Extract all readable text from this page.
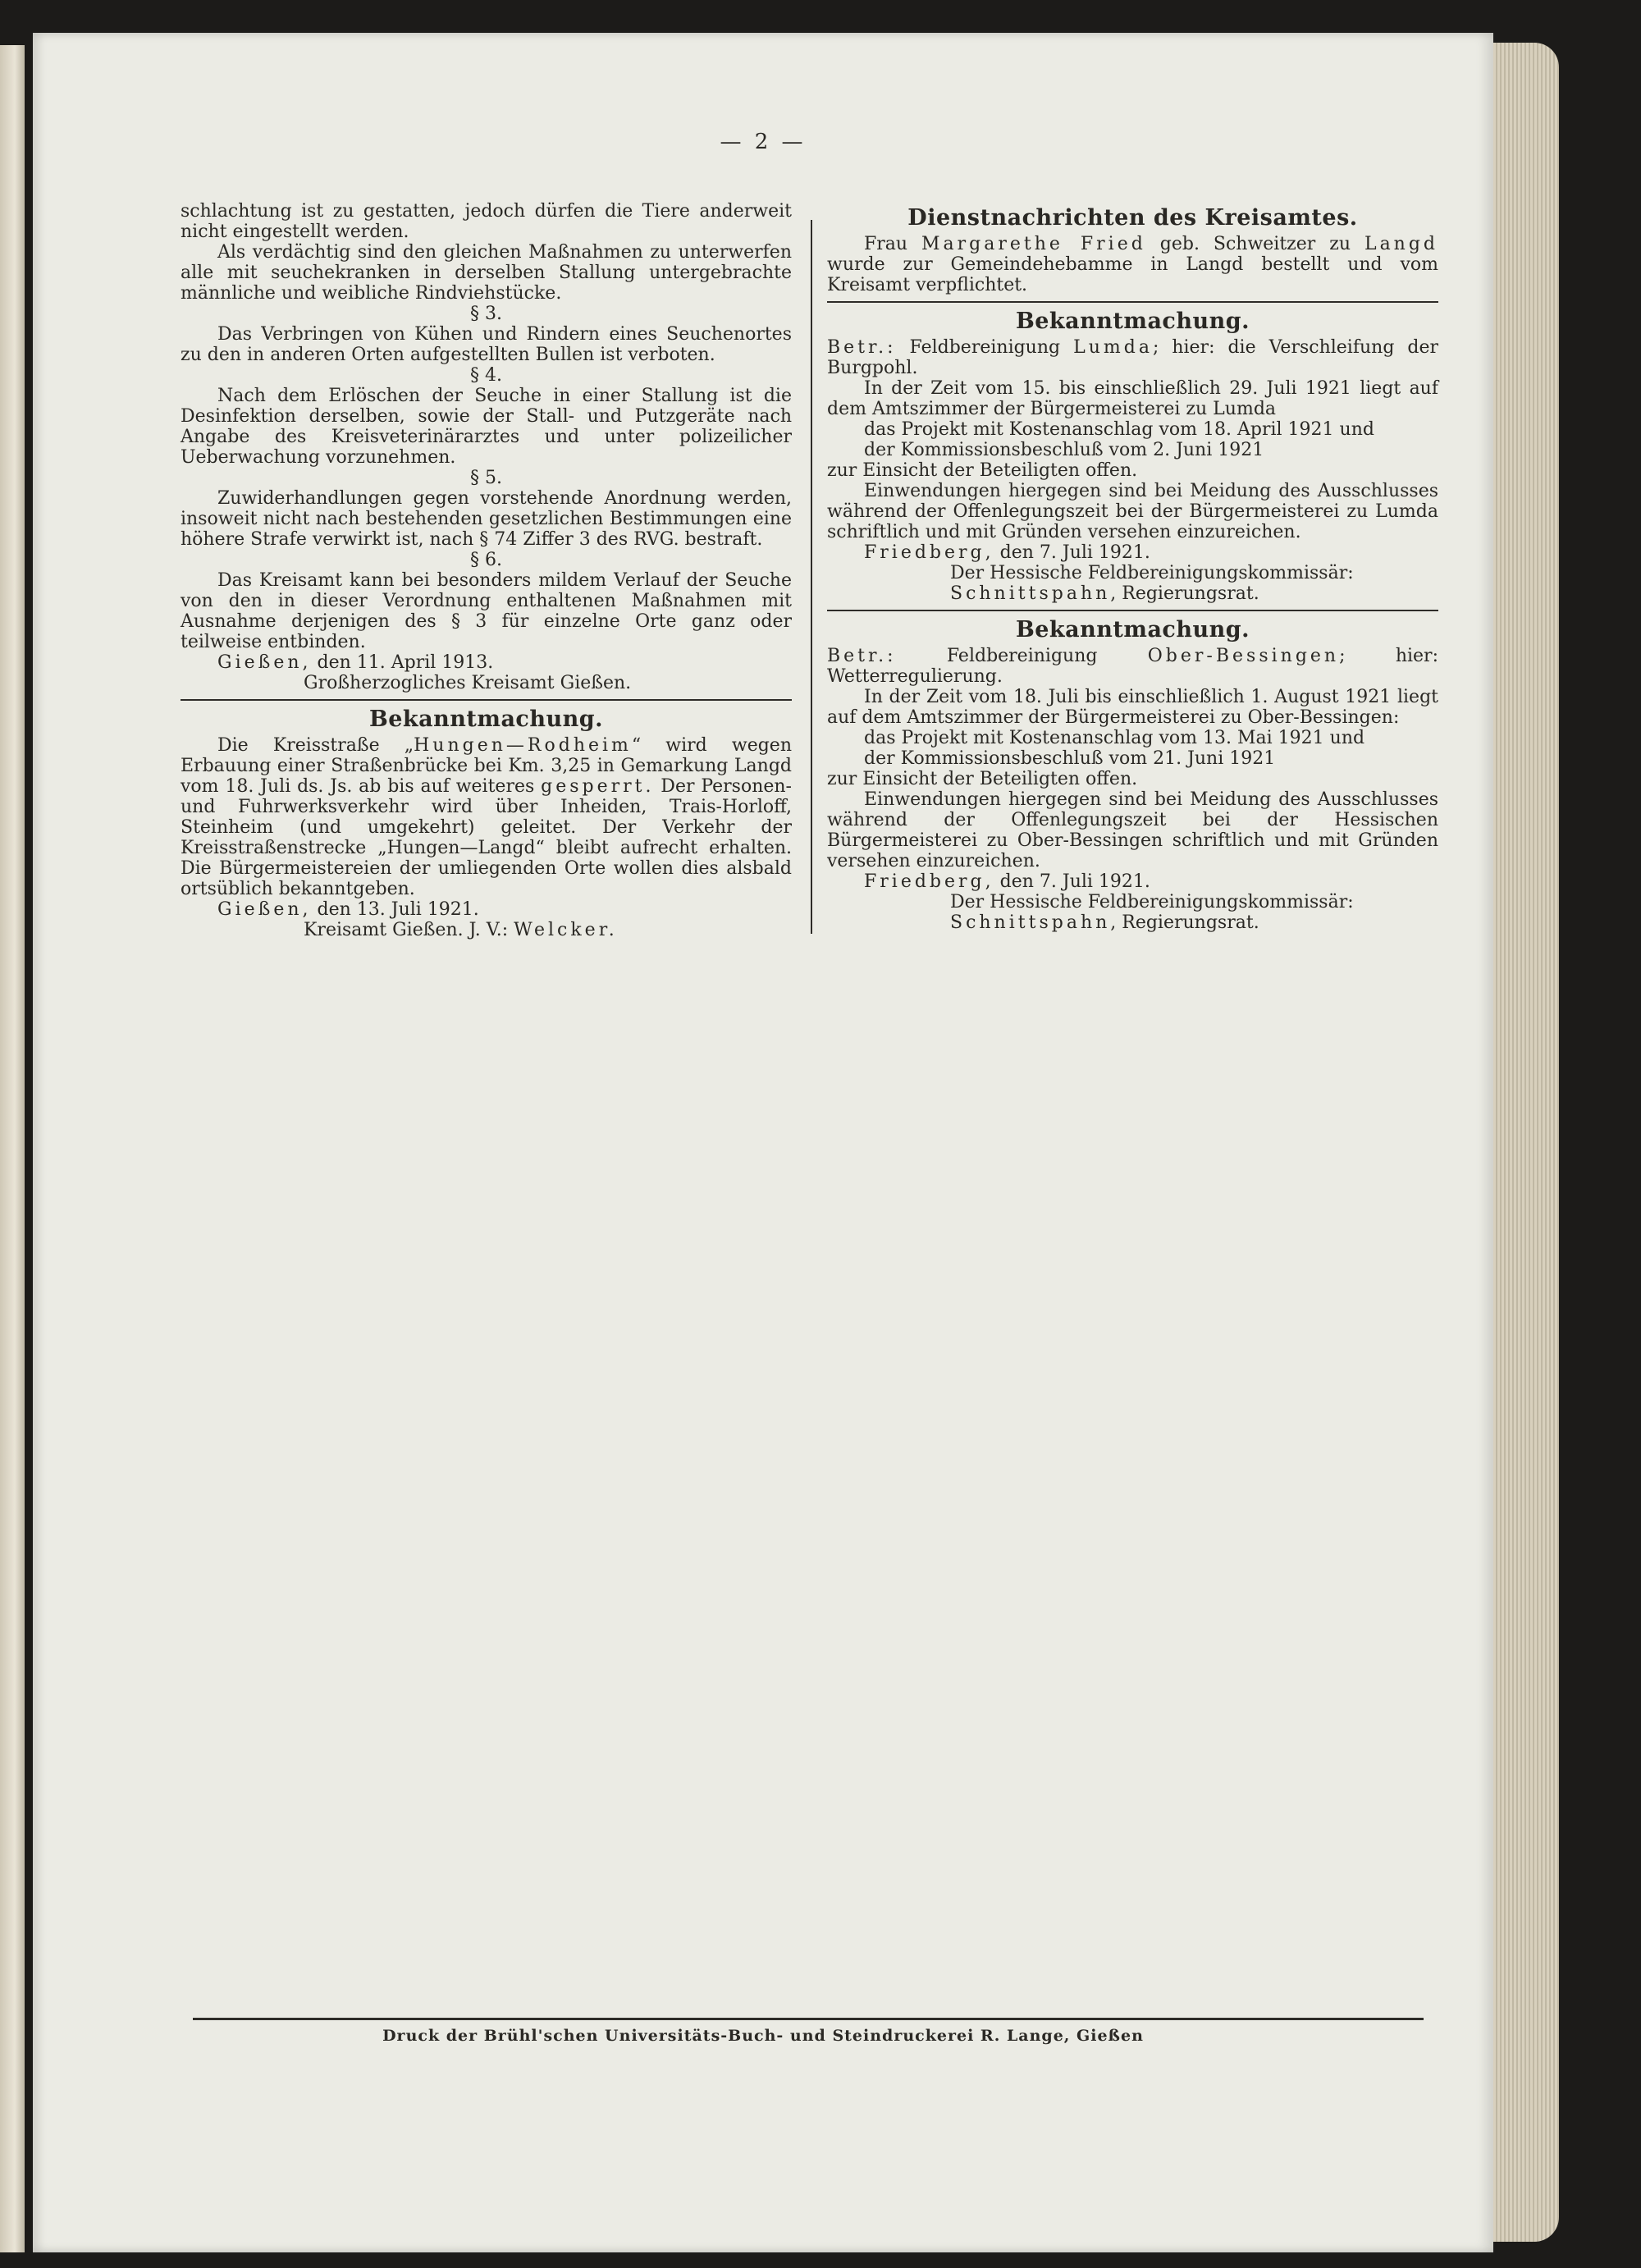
— 2 —

schlachtung ist zu gestatten, jedoch dürfen die Tiere anderweit nicht eingestellt werden.

Als verdächtig sind den gleichen Maßnahmen zu unterwerfen alle mit seuchekranken in derselben Stallung untergebrachte männliche und weibliche Rindviehstücke.

§ 3.

Das Verbringen von Kühen und Rindern eines Seuchenortes zu den in anderen Orten aufgestellten Bullen ist verboten.

§ 4.

Nach dem Erlöschen der Seuche in einer Stallung ist die Desinfektion derselben, sowie der Stall- und Putzgeräte nach Angabe des Kreisveterinärarztes und unter polizeilicher Ueberwachung vorzunehmen.

§ 5.

Zuwiderhandlungen gegen vorstehende Anordnung werden, insoweit nicht nach bestehenden gesetzlichen Bestimmungen eine höhere Strafe verwirkt ist, nach § 74 Ziffer 3 des RVG. bestraft.

§ 6.

Das Kreisamt kann bei besonders mildem Verlauf der Seuche von den in dieser Verordnung enthaltenen Maßnahmen mit Ausnahme derjenigen des § 3 für einzelne Orte ganz oder teilweise entbinden.

Gießen, den 11. April 1913.

Großherzogliches Kreisamt Gießen.

Bekanntmachung.

Die Kreisstraße „Hungen—Rodheim“ wird wegen Erbauung einer Straßenbrücke bei Km. 3,25 in Gemarkung Langd vom 18. Juli ds. Js. ab bis auf weiteres gesperrt. Der Personen- und Fuhrwerksverkehr wird über Inheiden, Trais-Horloff, Steinheim (und umgekehrt) geleitet. Der Verkehr der Kreisstraßenstrecke „Hungen—Langd“ bleibt aufrecht erhalten. Die Bürgermeistereien der umliegenden Orte wollen dies alsbald ortsüblich bekanntgeben.

Gießen, den 13. Juli 1921.

Kreisamt Gießen. J. V.: Welcker.

Dienstnachrichten des Kreisamtes.

Frau Margarethe Fried geb. Schweitzer zu Langd wurde zur Gemeindehebamme in Langd bestellt und vom Kreisamt verpflichtet.

Bekanntmachung.

Betr.: Feldbereinigung Lumda; hier: die Verschleifung der Burgpohl.

In der Zeit vom 15. bis einschließlich 29. Juli 1921 liegt auf dem Amtszimmer der Bürgermeisterei zu Lumda

das Projekt mit Kostenanschlag vom 18. April 1921 und

der Kommissionsbeschluß vom 2. Juni 1921

zur Einsicht der Beteiligten offen.

Einwendungen hiergegen sind bei Meidung des Ausschlusses während der Offenlegungszeit bei der Bürgermeisterei zu Lumda schriftlich und mit Gründen versehen einzureichen.

Friedberg, den 7. Juli 1921.

Der Hessische Feldbereinigungskommissär:

Schnittspahn, Regierungsrat.

Bekanntmachung.

Betr.: Feldbereinigung Ober-Bessingen; hier: Wetterregulierung.

In der Zeit vom 18. Juli bis einschließlich 1. August 1921 liegt auf dem Amtszimmer der Bürgermeisterei zu Ober-Bessingen:

das Projekt mit Kostenanschlag vom 13. Mai 1921 und

der Kommissionsbeschluß vom 21. Juni 1921

zur Einsicht der Beteiligten offen.

Einwendungen hiergegen sind bei Meidung des Ausschlusses während der Offenlegungszeit bei der Hessischen Bürgermeisterei zu Ober-Bessingen schriftlich und mit Gründen versehen einzureichen.

Friedberg, den 7. Juli 1921.

Der Hessische Feldbereinigungskommissär:

Schnittspahn, Regierungsrat.

Druck der Brühl'schen Universitäts-Buch- und Steindruckerei R. Lange, Gießen
